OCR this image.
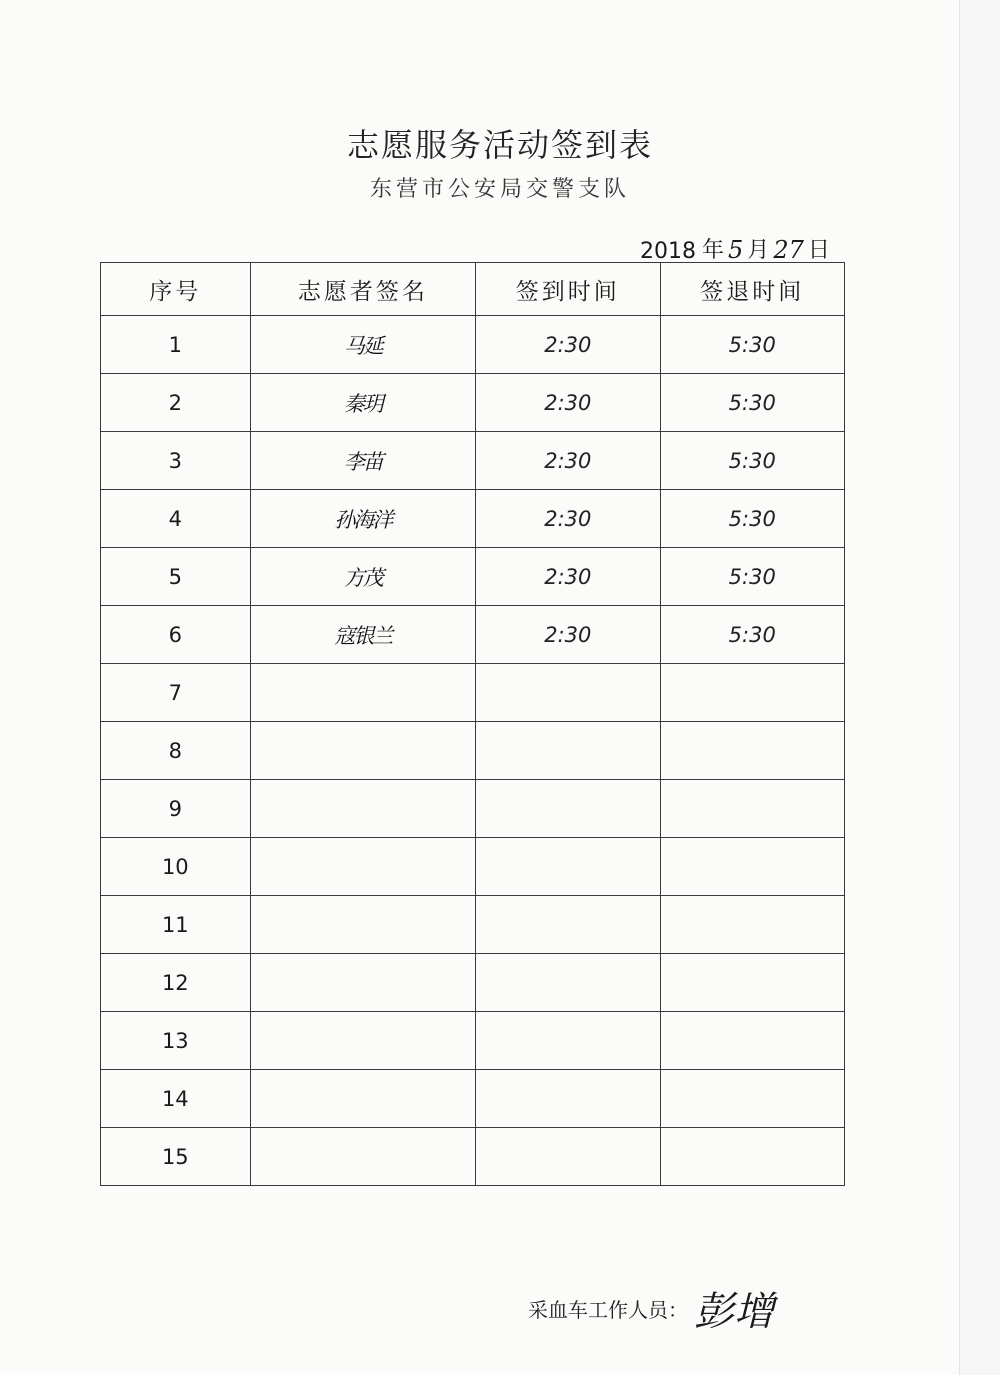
志愿服务活动签到表
东营市公安局交警支队
2018 年 5 月 27 日
序号	志愿者签名	签到时间	签退时间
1	马延	2:30	5:30
2	秦玥	2:30	5:30
3	李苗	2:30	5:30
4	孙海洋	2:30	5:30
5	方茂	2:30	5:30
6	寇银兰	2:30	5:30
7			
8			
9			
10			
11			
12			
13			
14			
15			
采血车工作人员： 彭增
